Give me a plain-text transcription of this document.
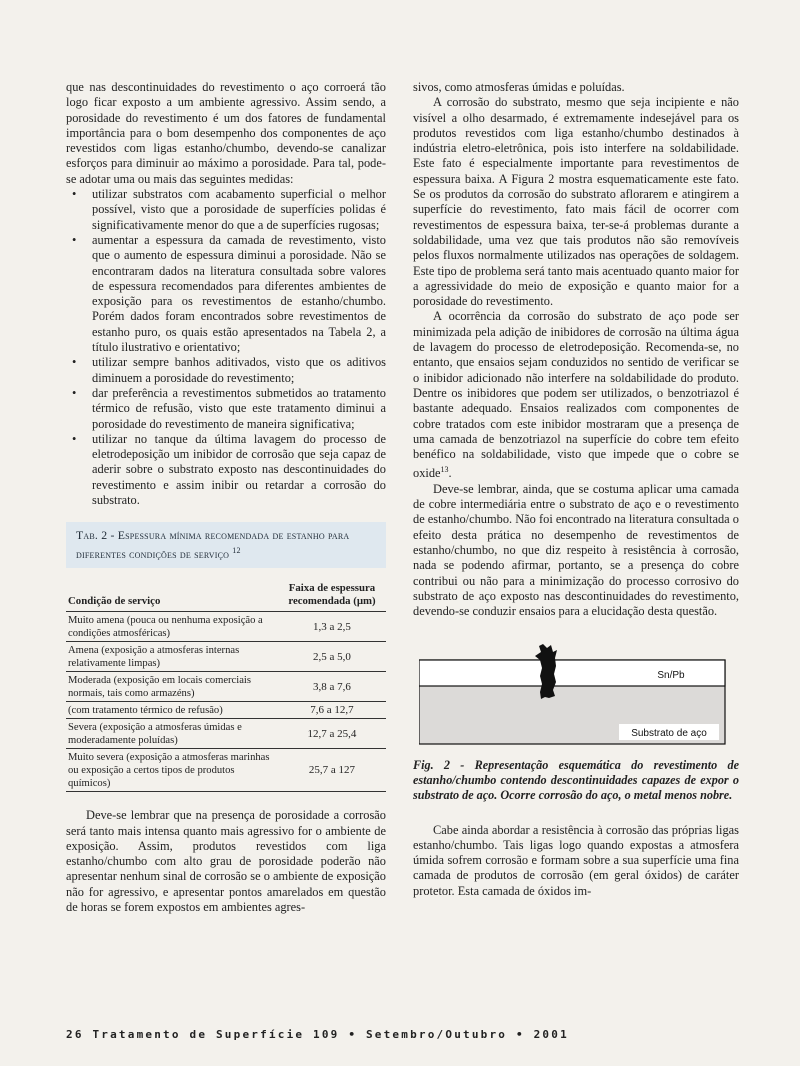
que nas descontinuidades do revestimento o aço corroerá tão logo ficar exposto a um ambiente agressivo. Assim sendo, a porosidade do revestimento é um dos fatores de fundamental importância para o bom desempenho dos componentes de aço revestidos com ligas estanho/chumbo, devendo-se canalizar esforços para diminuir ao máximo a porosidade. Para tal, pode-se adotar uma ou mais das seguintes medidas:

• utilizar substratos com acabamento superficial o melhor possível, visto que a porosidade de superfícies polidas é significativamente menor do que a de superfícies rugosas;
• aumentar a espessura da camada de revestimento, visto que o aumento de espessura diminui a porosidade. Não se encontraram dados na literatura consultada sobre valores de espessura recomendados para diferentes ambientes de exposição para os revestimentos de estanho/chumbo. Porém dados foram encontrados sobre revestimentos de estanho puro, os quais estão apresentados na Tabela 2, a título ilustrativo e orientativo;
• utilizar sempre banhos aditivados, visto que os aditivos diminuem a porosidade do revestimento;
• dar preferência a revestimentos submetidos ao tratamento térmico de refusão, visto que este tratamento diminui a porosidade do revestimento de maneira significativa;
• utilizar no tanque da última lavagem do processo de eletrodeposição um inibidor de corrosão que seja capaz de aderir sobre o substrato exposto nas descontinuidades do revestimento e assim inibir ou retardar a corrosão do substrato.
Tab. 2 - Espessura mínima recomendada de estanho para diferentes condições de serviço $^{12}$
Condição de serviço	Faixa de espessura recomendada (µm)
Muito amena (pouca ou nenhuma exposição a condições atmosféricas)	1,3 a 2,5
Amena (exposição a atmosferas internas relativamente limpas)	2,5 a 5,0
Moderada (exposição em locais comerciais normais, tais como armazéns)	3,8 a 7,6
(com tratamento térmico de refusão)	7,6 a 12,7
Severa (exposição a atmosferas úmidas e moderadamente poluídas)	12,7 a 25,4
Muito severa (exposição a atmosferas marinhas ou exposição a certos tipos de produtos químicos)	25,7 a 127

Deve-se lembrar que na presença de porosidade a corrosão será tanto mais intensa quanto mais agressivo for o ambiente de exposição. Assim, produtos revestidos com liga estanho/chumbo com alto grau de porosidade poderão não apresentar nenhum sinal de corrosão se o ambiente de exposição não for agressivo, e apresentar pontos amarelados em questão de horas se forem expostos em ambientes agres-

sivos, como atmosferas úmidas e poluídas.

A corrosão do substrato, mesmo que seja incipiente e não visível a olho desarmado, é extremamente indesejável para os produtos revestidos com liga estanho/chumbo destinados à indústria eletro-eletrônica, pois isto interfere na soldabilidade. Este fato é especialmente importante para revestimentos de espessura baixa. A Figura 2 mostra esquematicamente este fato. Se os produtos da corrosão do substrato aflorarem e atingirem a superfície do revestimento, fato mais fácil de ocorrer com revestimentos de espessura baixa, ter-se-á problemas durante a soldabilidade, uma vez que tais produtos não são removíveis pelos fluxos normalmente utilizados nas operações de soldagem. Este tipo de problema será tanto mais acentuado quanto maior for a agressividade do meio de exposição e quanto maior for a porosidade do revestimento.

A ocorrência da corrosão do substrato de aço pode ser minimizada pela adição de inibidores de corrosão na última água de lavagem do processo de eletrodeposição. Recomenda-se, no entanto, que ensaios sejam conduzidos no sentido de verificar se o inibidor adicionado não interfere na soldabilidade do produto. Dentre os inibidores que podem ser utilizados, o benzotriazol é bastante adequado. Ensaios realizados com componentes de cobre tratados com este inibidor mostraram que a presença de uma camada de benzotriazol na superfície do cobre tem efeito benéfico na soldabilidade, visto que impede que o cobre se oxide$^{13}$.

Deve-se lembrar, ainda, que se costuma aplicar uma camada de cobre intermediária entre o substrato de aço e o revestimento de estanho/chumbo. Não foi encontrado na literatura consultada o efeito desta prática no desempenho de revestimentos de estanho/chumbo, no que diz respeito à resistência à corrosão, nada se podendo afirmar, portanto, se a presença do cobre contribui ou não para a minimização do processo corrosivo do substrato de aço exposto nas descontinuidades do revestimento, devendo-se conduzir ensaios para a elucidação desta questão.

Sn/Pb
Substrato de aço

Fig. 2 - Representação esquemática do revestimento de estanho/chumbo contendo descontinuidades capazes de expor o substrato de aço. Ocorre corrosão do aço, o metal menos nobre.

Cabe ainda abordar a resistência à corrosão das próprias ligas estanho/chumbo. Tais ligas logo quando expostas a atmosfera úmida sofrem corrosão e formam sobre a sua superfície uma fina camada de produtos de corrosão (em geral óxidos) de caráter protetor. Esta camada de óxidos im-

26 Tratamento de Superfície 109 • Setembro/Outubro • 2001
